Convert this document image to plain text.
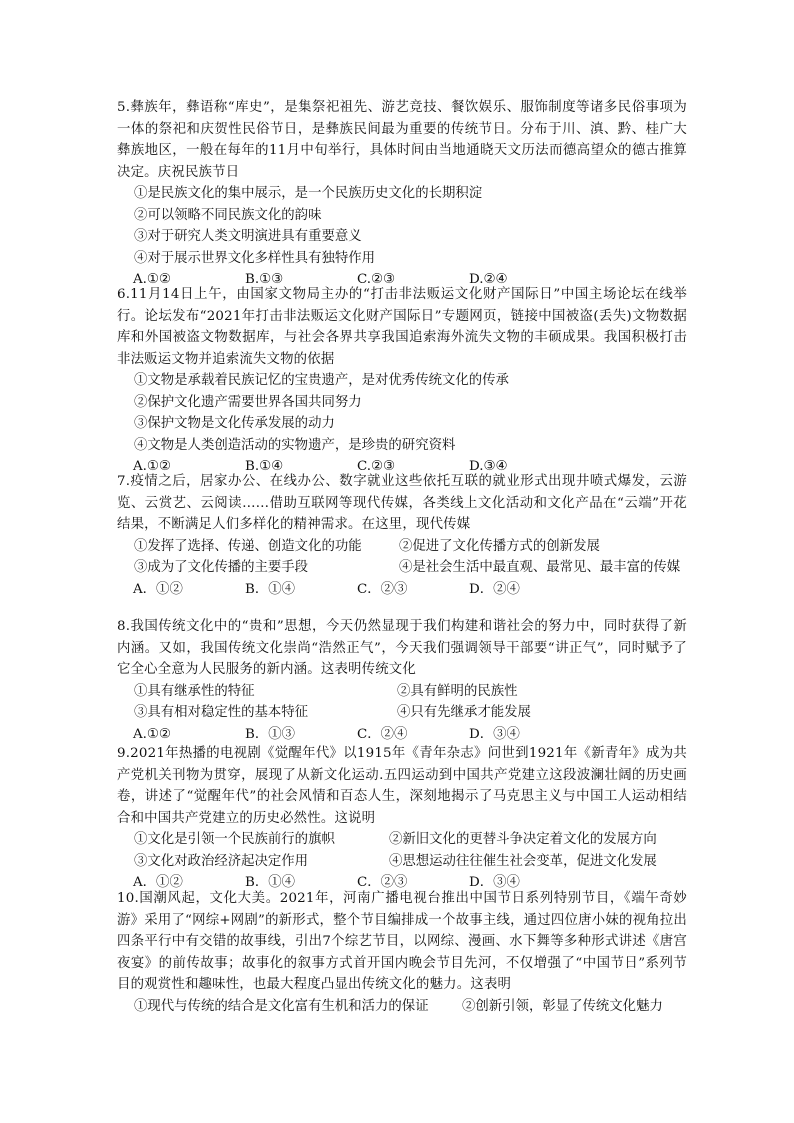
5.彝族年，彝语称“库史”，是集祭祀祖先、游艺竞技、餐饮娱乐、服饰制度等诸多民俗事项为一体的祭祀和庆贺性民俗节日，是彝族民间最为重要的传统节日。分布于川、滇、黔、桂广大彝族地区，一般在每年的11月中旬举行，具体时间由当地通晓天文历法而德高望众的德古推算决定。庆祝民族节日
①是民族文化的集中展示，是一个民族历史文化的长期积淀
②可以领略不同民族文化的韵味
③对于研究人类文明演进具有重要意义
④对于展示世界文化多样性具有独特作用
A.①②	B.①③	C.②③	D.②④
6.11月14日上午，由国家文物局主办的“打击非法贩运文化财产国际日”中国主场论坛在线举行。论坛发布“2021年打击非法贩运文化财产国际日”专题网页，链接中国被盗(丢失)文物数据库和外国被盗文物数据库，与社会各界共享我国追索海外流失文物的丰硕成果。我国积极打击非法贩运文物并追索流失文物的依据
①文物是承载着民族记忆的宝贵遗产，是对优秀传统文化的传承
②保护文化遗产需要世界各国共同努力
③保护文物是文化传承发展的动力
④文物是人类创造活动的实物遗产，是珍贵的研究资料
A.①②	B.①④	C.②③	D.③④
7.疫情之后，居家办公、在线办公、数字就业这些依托互联的就业形式出现井喷式爆发，云游览、云赏艺、云阅读……借助互联网等现代传媒，各类线上文化活动和文化产品在“云端”开花结果，不断满足人们多样化的精神需求。在这里，现代传媒
①发挥了选择、传递、创造文化的功能	②促进了文化传播方式的创新发展
③成为了文化传播的主要手段	④是社会生活中最直观、最常见、最丰富的传媒
A．①②	B．①④	C．②③	D．②④
8.我国传统文化中的“贵和”思想，今天仍然显现于我们构建和谐社会的努力中，同时获得了新内涵。又如，我国传统文化崇尚“浩然正气”，今天我们强调领导干部要“讲正气”，同时赋予了它全心全意为人民服务的新内涵。这表明传统文化
①具有继承性的特征	②具有鲜明的民族性
③具有相对稳定性的基本特征	④只有先继承才能发展
A.①②	B．①③	C．②④	D．③④
9.2021年热播的电视剧《觉醒年代》以1915年《青年杂志》问世到1921年《新青年》成为共产党机关刊物为贯穿，展现了从新文化运动.五四运动到中国共产党建立这段波澜壮阔的历史画卷，讲述了“觉醒年代”的社会风情和百态人生，深刻地揭示了马克思主义与中国工人运动相结合和中国共产党建立的历史必然性。这说明
①文化是引领一个民族前行的旗帜	②新旧文化的更替斗争决定着文化的发展方向
③文化对政治经济起决定作用	④思想运动往往催生社会变革，促进文化发展
A．①②	B．①④	C．②③	D．③④
10.国潮风起，文化大美。2021年，河南广播电视台推出中国节日系列特别节目，《端午奇妙游》采用了“网综+网剧”的新形式，整个节目编排成一个故事主线，通过四位唐小妹的视角拉出四条平行中有交错的故事线，引出7个综艺节目，以网综、漫画、水下舞等多种形式讲述《唐宫夜宴》的前传故事；故事化的叙事方式首开国内晚会节目先河，不仅增强了“中国节日”系列节目的观赏性和趣味性，也最大程度凸显出传统文化的魅力。这表明
①现代与传统的结合是文化富有生机和活力的保证	②创新引领，彰显了传统文化魅力
